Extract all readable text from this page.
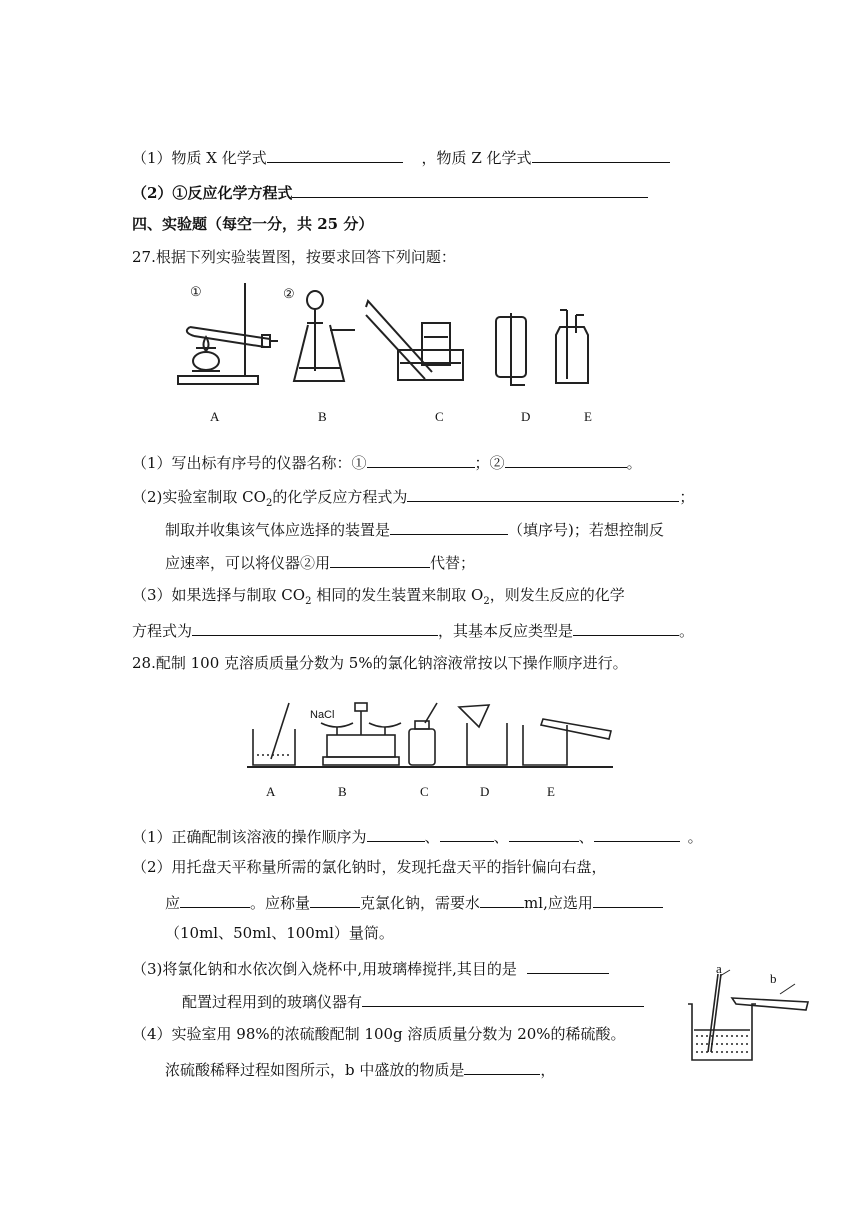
（1）物质 X 化学式	，物质 Z 化学式
（2）①反应化学方程式
四、实验题（每空一分，共 25 分）
27.根据下列实验装置图，按要求回答下列问题：
①	②
A	B	C	D	E
（1）写出标有序号的仪器名称：①	；②	。
（2)实验室制取 $CO_2$的化学反应方程式为	；
制取并收集该气体应选择的装置是	（填序号)；若想控制反
应速率，可以将仪器②用	代替；
（3）如果选择与制取 $CO_2$ 相同的发生装置来制取 $O_2$，则发生反应的化学
方程式为	，其基本反应类型是	。
28.配制 100 克溶质质量分数为 5%的氯化钠溶液常按以下操作顺序进行。
NaCl
A	B	C	D	E
（1）正确配制该溶液的操作顺序为	、	、	、	。
（2）用托盘天平称量所需的氯化钠时，发现托盘天平的指针偏向右盘，
应	。应称量	克氯化钠，需要水	ml,应选用
（10ml、50ml、100ml）量筒。
（3)将氯化钠和水依次倒入烧杯中,用玻璃棒搅拌,其目的是
配置过程用到的玻璃仪器有
（4）实验室用 98%的浓硫酸配制 100g 溶质质量分数为 20%的稀硫酸。
浓硫酸稀释过程如图所示，b 中盛放的物质是	，
a
b
